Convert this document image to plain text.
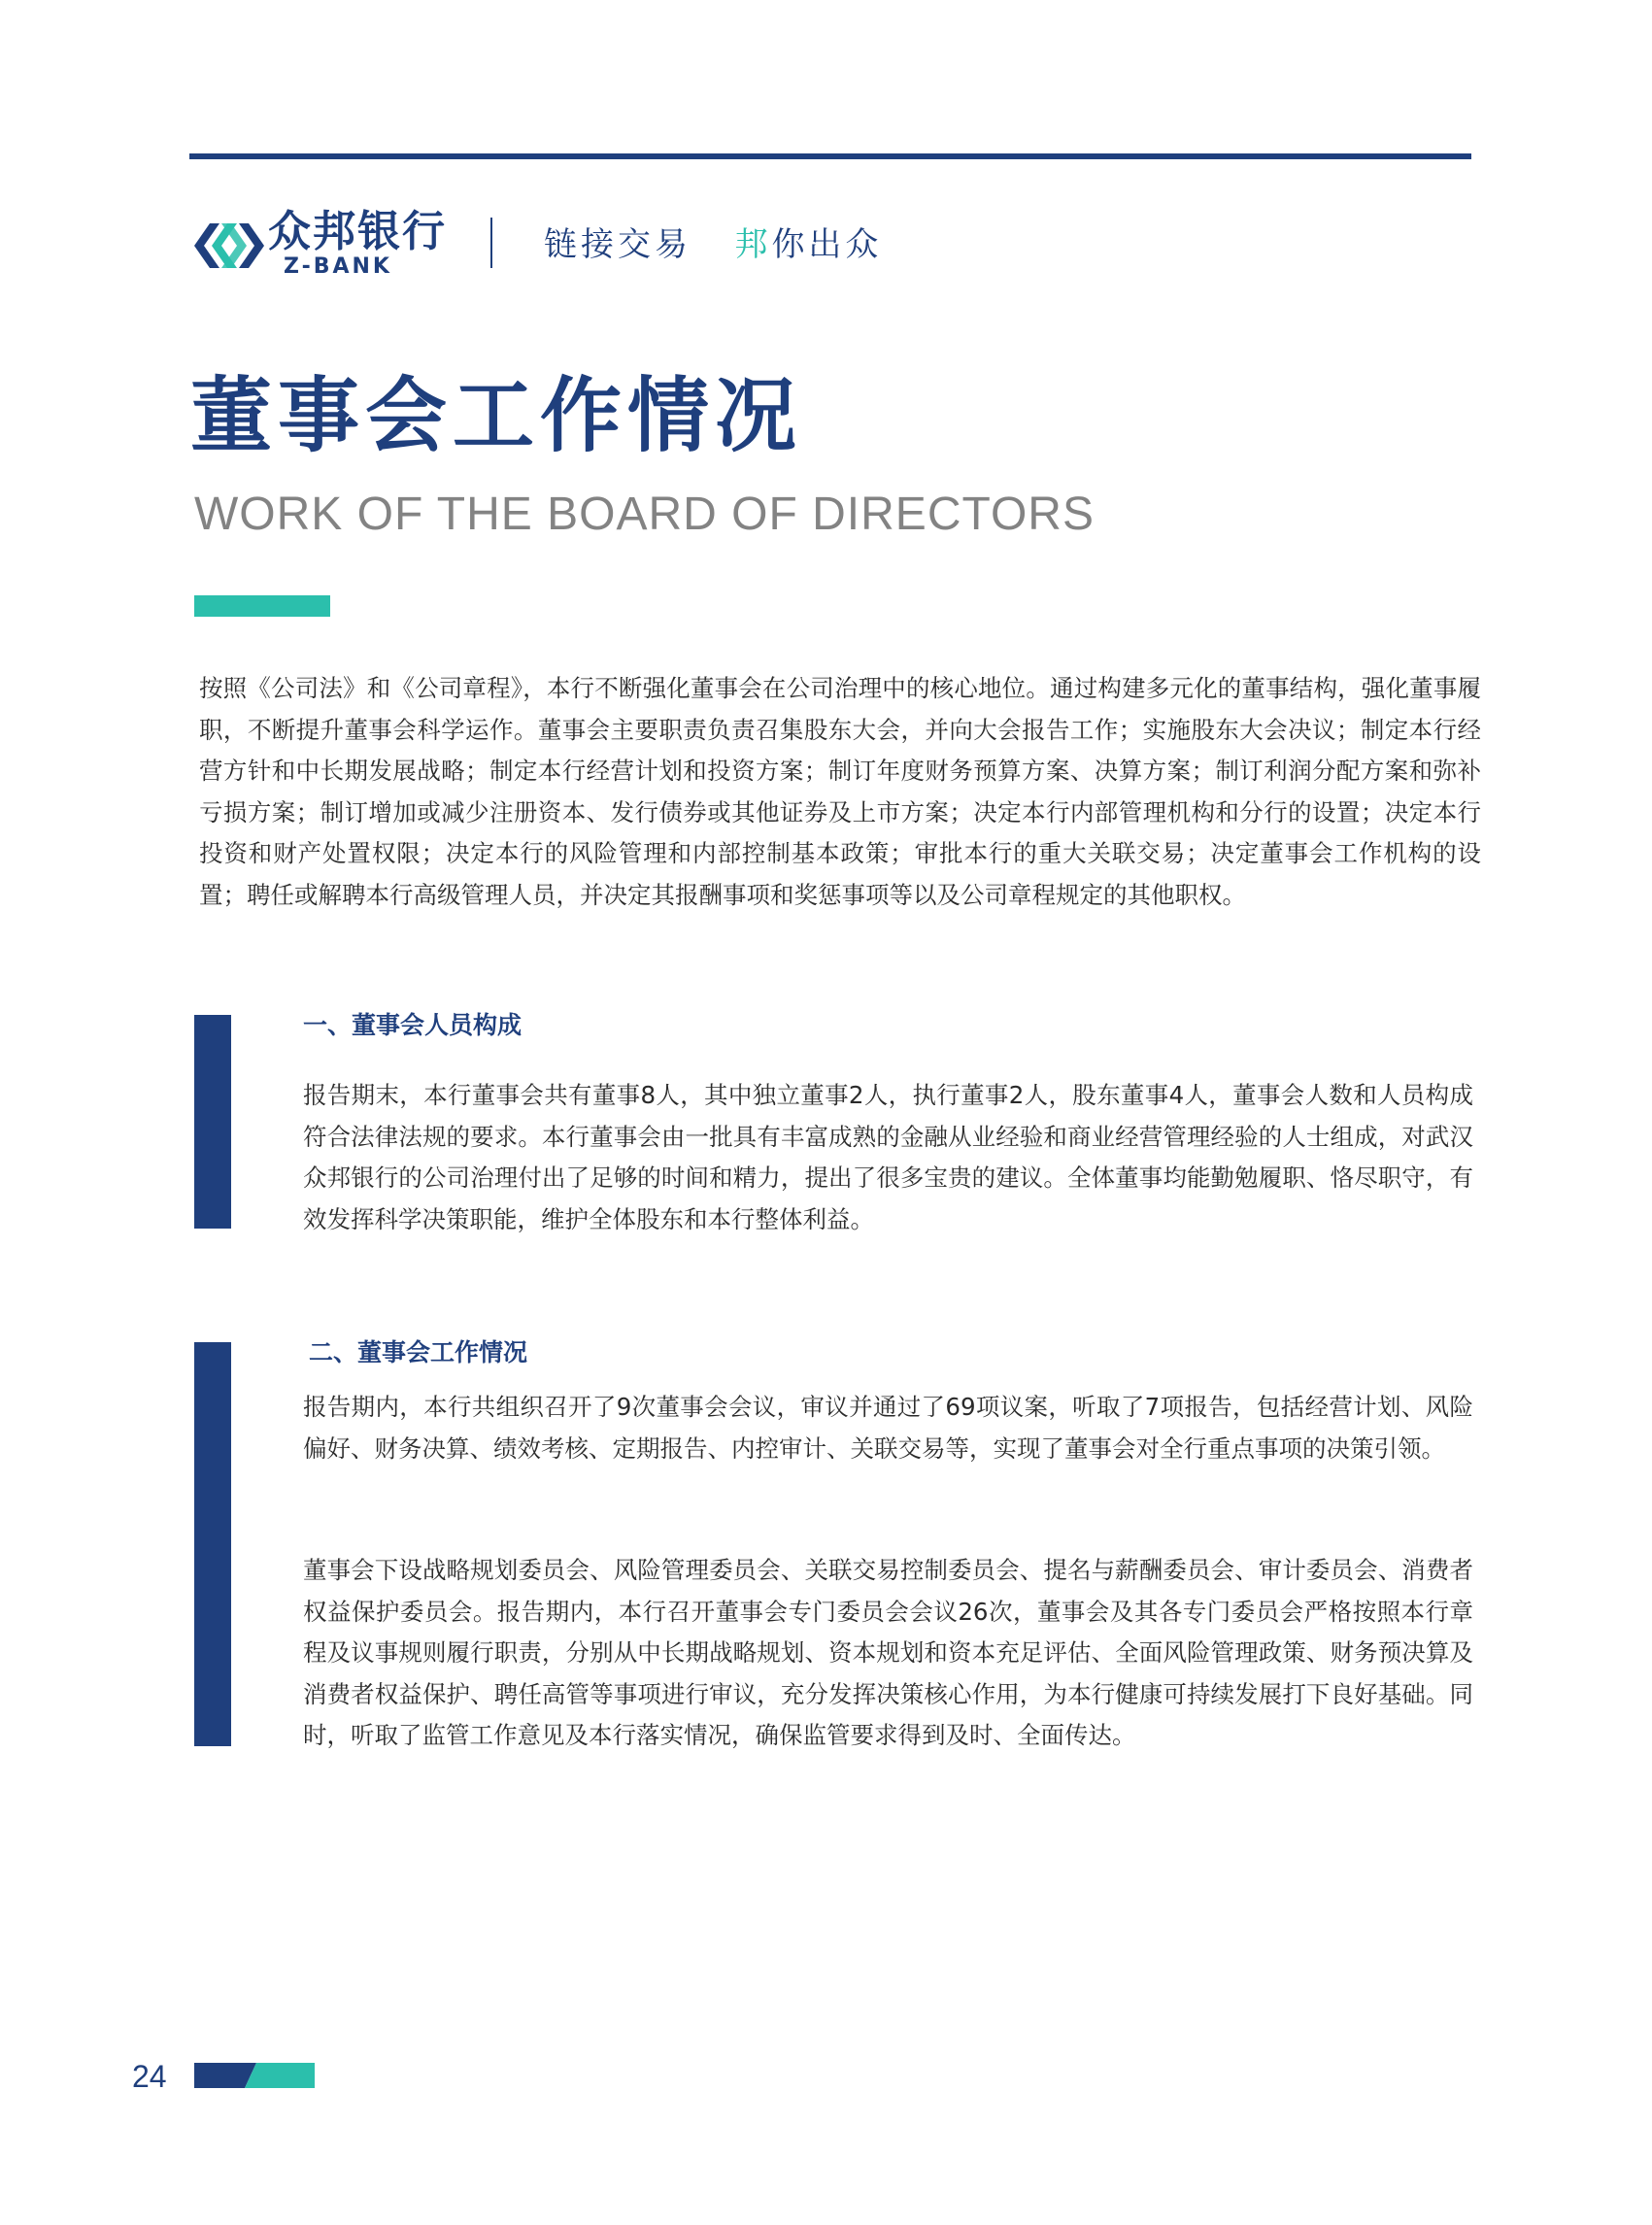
众邦银行
Z-BANK
链接交易 邦你出众
董事会工作情况
WORK OF THE BOARD OF DIRECTORS

按照《公司法》和《公司章程》，本行不断强化董事会在公司治理中的核心地位。通过构建多元化的董事结构，强化董事履职，不断提升董事会科学运作。董事会主要职责负责召集股东大会，并向大会报告工作；实施股东大会决议；制定本行经营方针和中长期发展战略；制定本行经营计划和投资方案；制订年度财务预算方案、决算方案；制订利润分配方案和弥补亏损方案；制订增加或减少注册资本、发行债券或其他证券及上市方案；决定本行内部管理机构和分行的设置；决定本行投资和财产处置权限；决定本行的风险管理和内部控制基本政策；审批本行的重大关联交易；决定董事会工作机构的设置；聘任或解聘本行高级管理人员，并决定其报酬事项和奖惩事项等以及公司章程规定的其他职权。

一、董事会人员构成

报告期末，本行董事会共有董事8人，其中独立董事2人，执行董事2人，股东董事4人，董事会人数和人员构成符合法律法规的要求。本行董事会由一批具有丰富成熟的金融从业经验和商业经营管理经验的人士组成，对武汉众邦银行的公司治理付出了足够的时间和精力，提出了很多宝贵的建议。全体董事均能勤勉履职、恪尽职守，有效发挥科学决策职能，维护全体股东和本行整体利益。

二、董事会工作情况

报告期内，本行共组织召开了9次董事会会议，审议并通过了69项议案，听取了7项报告，包括经营计划、风险偏好、财务决算、绩效考核、定期报告、内控审计、关联交易等，实现了董事会对全行重点事项的决策引领。

董事会下设战略规划委员会、风险管理委员会、关联交易控制委员会、提名与薪酬委员会、审计委员会、消费者权益保护委员会。报告期内，本行召开董事会专门委员会会议26次，董事会及其各专门委员会严格按照本行章程及议事规则履行职责，分别从中长期战略规划、资本规划和资本充足评估、全面风险管理政策、财务预决算及消费者权益保护、聘任高管等事项进行审议，充分发挥决策核心作用，为本行健康可持续发展打下良好基础。同时，听取了监管工作意见及本行落实情况，确保监管要求得到及时、全面传达。

24
